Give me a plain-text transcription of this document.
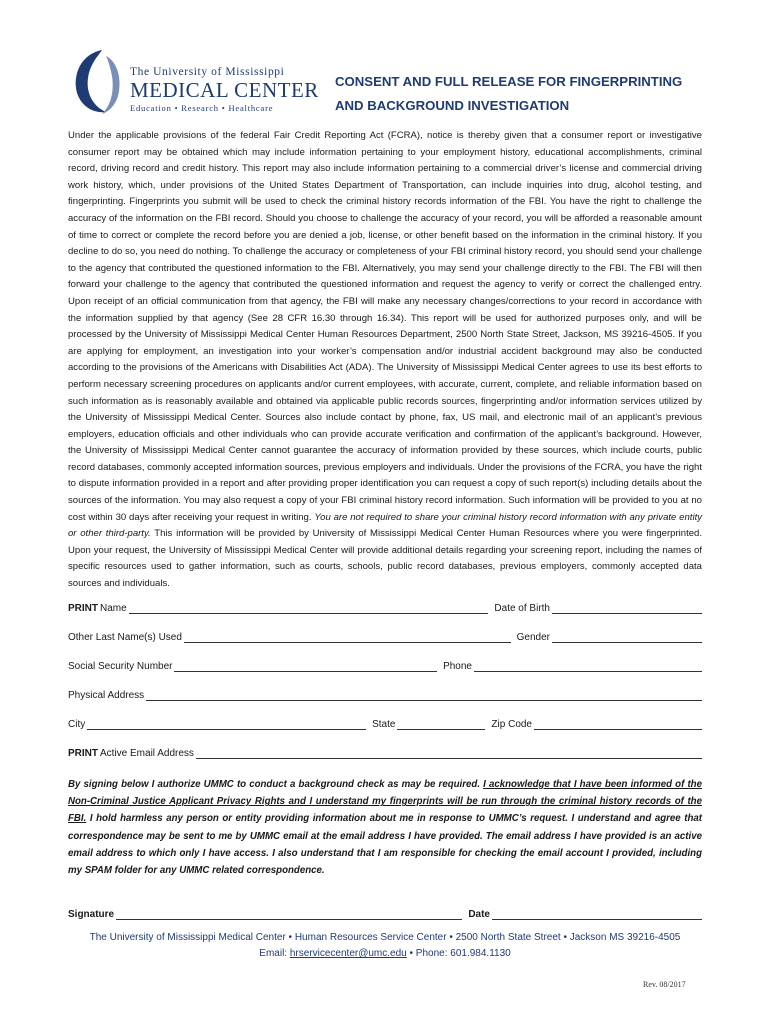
The University of Mississippi
MEDICAL CENTER
Education • Research • Healthcare
CONSENT AND FULL RELEASE FOR FINGERPRINTING
AND BACKGROUND INVESTIGATION
Under the applicable provisions of the federal Fair Credit Reporting Act (FCRA), notice is thereby given that a consumer report or investigative consumer report may be obtained which may include information pertaining to your employment history, educational accomplishments, criminal record, driving record and credit history. This report may also include information pertaining to a commercial driver’s license and commercial driving work history, which, under provisions of the United States Department of Transportation, can include inquiries into drug, alcohol testing, and fingerprinting. Fingerprints you submit will be used to check the criminal history records information of the FBI. You have the right to challenge the accuracy of the information on the FBI record. Should you choose to challenge the accuracy of your record, you will be afforded a reasonable amount of time to correct or complete the record before you are denied a job, license, or other benefit based on the information in the criminal history. If you decline to do so, you need do nothing. To challenge the accuracy or completeness of your FBI criminal history record, you should send your challenge to the agency that contributed the questioned information to the FBI. Alternatively, you may send your challenge directly to the FBI. The FBI will then forward your challenge to the agency that contributed the questioned information and request the agency to verify or correct the challenged entry. Upon receipt of an official communication from that agency, the FBI will make any necessary changes/corrections to your record in accordance with the information supplied by that agency (See 28 CFR 16.30 through 16.34). This report will be used for authorized purposes only, and will be processed by the University of Mississippi Medical Center Human Resources Department, 2500 North State Street, Jackson, MS 39216-4505. If you are applying for employment, an investigation into your worker’s compensation and/or industrial accident background may also be conducted according to the provisions of the Americans with Disabilities Act (ADA). The University of Mississippi Medical Center agrees to use its best efforts to perform necessary screening procedures on applicants and/or current employees, with accurate, current, complete, and reliable information based on such information as is reasonably available and obtained via applicable public records sources, fingerprinting and/or information services utilized by the University of Mississippi Medical Center. Sources also include contact by phone, fax, US mail, and electronic mail of an applicant’s previous employers, education officials and other individuals who can provide accurate verification and confirmation of the applicant’s background. However, the University of Mississippi Medical Center cannot guarantee the accuracy of information provided by these sources, which include courts, public record databases, commonly accepted information sources, previous employers and individuals. Under the provisions of the FCRA, you have the right to dispute information provided in a report and after providing proper identification you can request a copy of such report(s) including details about the sources of the information. You may also request a copy of your FBI criminal history record information. Such information will be provided to you at no cost within 30 days after receiving your request in writing. You are not required to share your criminal history record information with any private entity or other third-party. This information will be provided by University of Mississippi Medical Center Human Resources where you were fingerprinted. Upon your request, the University of Mississippi Medical Center will provide additional details regarding your screening report, including the names of specific resources used to gather information, such as courts, schools, public record databases, previous employers, commonly accepted data sources and individuals.
PRINT Name	Date of Birth
Other Last Name(s) Used	Gender
Social Security Number	Phone
Physical Address
City	State	Zip Code
PRINT Active Email Address
By signing below I authorize UMMC to conduct a background check as may be required. I acknowledge that I have been informed of the Non-Criminal Justice Applicant Privacy Rights and I understand my fingerprints will be run through the criminal history records of the FBI. I hold harmless any person or entity providing information about me in response to UMMC’s request. I understand and agree that correspondence may be sent to me by UMMC email at the email address I have provided. The email address I have provided is an active email address to which only I have access. I also understand that I am responsible for checking the email account I provided, including my SPAM folder for any UMMC related correspondence.
Signature	Date
The University of Mississippi Medical Center • Human Resources Service Center • 2500 North State Street • Jackson MS 39216-4505
Email: hrservicecenter@umc.edu • Phone: 601.984.1130
Rev. 08/2017
